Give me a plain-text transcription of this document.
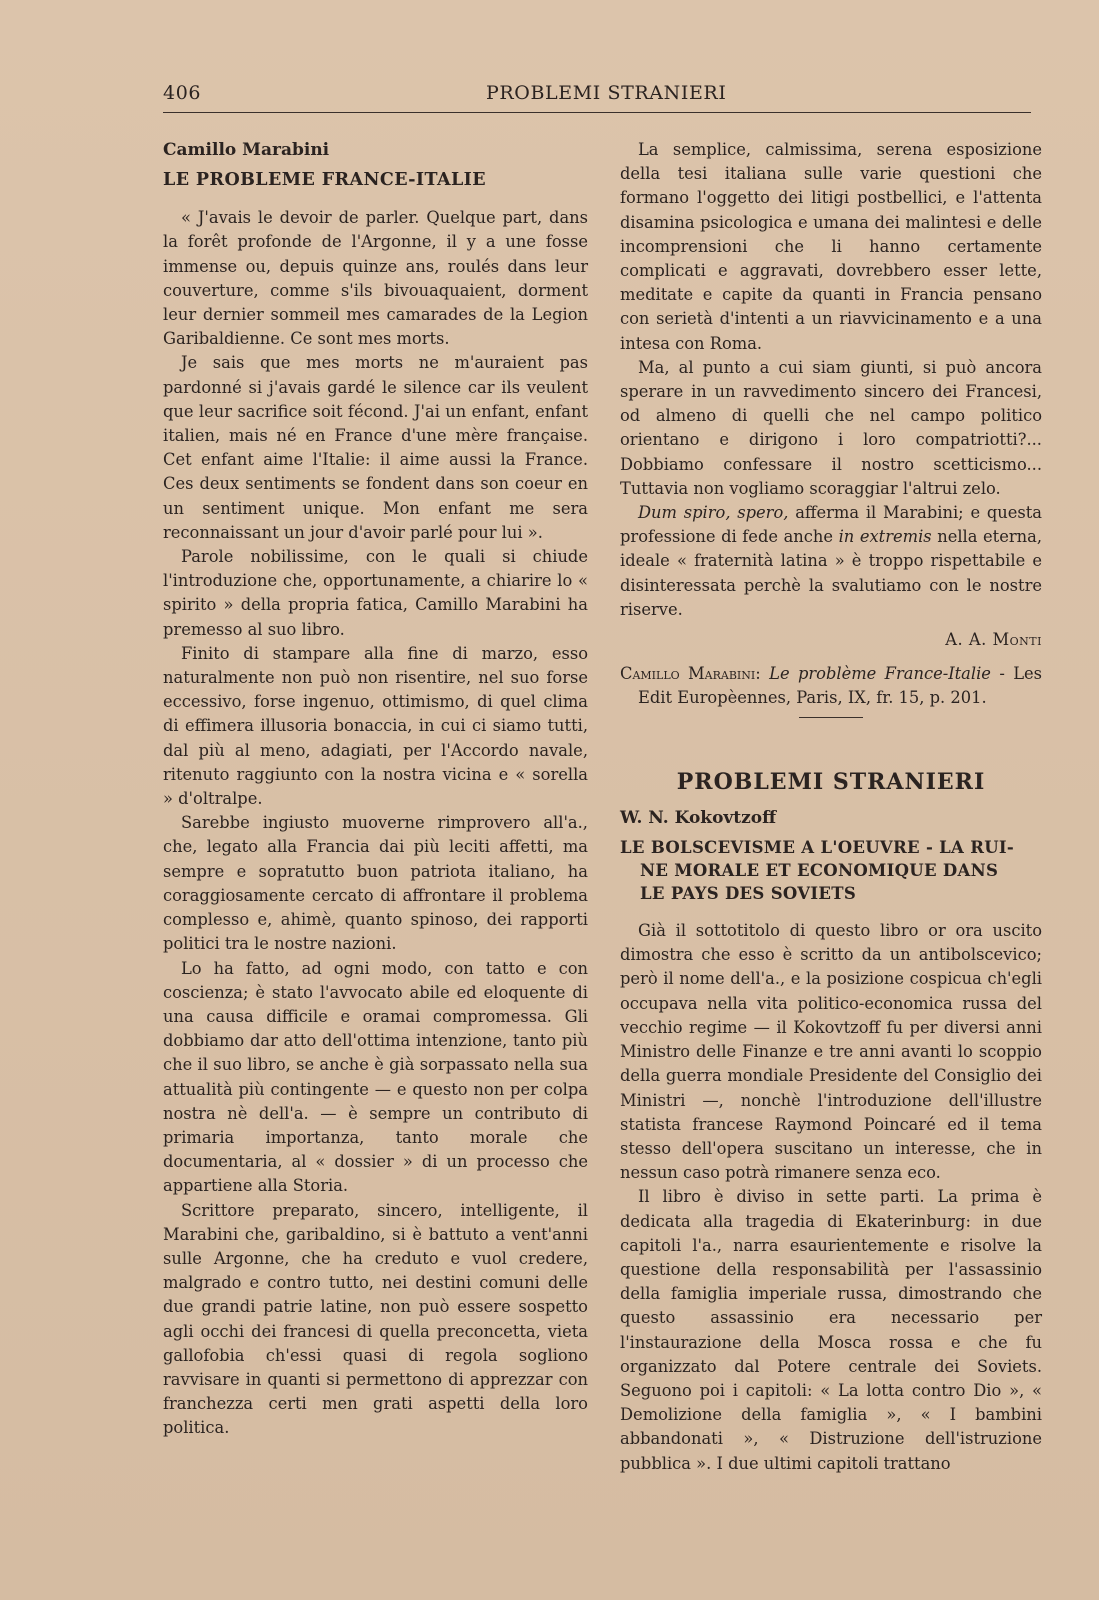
406	PROBLEMI STRANIERI
Camillo Marabini
LE PROBLEME FRANCE-ITALIE

« J'avais le devoir de parler. Quelque part, dans la forêt profonde de l'Argonne, il y a une fosse immense ou, depuis quinze ans, roulés dans leur couverture, comme s'ils bivouaquaient, dorment leur dernier sommeil mes camarades de la Legion Garibaldienne. Ce sont mes morts.

Je sais que mes morts ne m'auraient pas pardonné si j'avais gardé le silence car ils veulent que leur sacrifice soit fécond. J'ai un enfant, enfant italien, mais né en France d'une mère française. Cet enfant aime l'Italie: il aime aussi la France. Ces deux sentiments se fondent dans son coeur en un sentiment unique. Mon enfant me sera reconnaissant un jour d'avoir parlé pour lui ».

Parole nobilissime, con le quali si chiude l'introduzione che, opportunamente, a chiarire lo « spirito » della propria fatica, Camillo Marabini ha premesso al suo libro.

Finito di stampare alla fine di marzo, esso naturalmente non può non risentire, nel suo forse eccessivo, forse ingenuo, ottimismo, di quel clima di effimera illusoria bonaccia, in cui ci siamo tutti, dal più al meno, adagiati, per l'Accordo navale, ritenuto raggiunto con la nostra vicina e « sorella » d'oltralpe.

Sarebbe ingiusto muoverne rimprovero all'a., che, legato alla Francia dai più leciti affetti, ma sempre e sopratutto buon patriota italiano, ha coraggiosamente cercato di affrontare il problema complesso e, ahimè, quanto spinoso, dei rapporti politici tra le nostre nazioni.

Lo ha fatto, ad ogni modo, con tatto e con coscienza; è stato l'avvocato abile ed eloquente di una causa difficile e oramai compromessa. Gli dobbiamo dar atto dell'ottima intenzione, tanto più che il suo libro, se anche è già sorpassato nella sua attualità più contingente — e questo non per colpa nostra nè dell'a. — è sempre un contributo di primaria importanza, tanto morale che documentaria, al « dossier » di un processo che appartiene alla Storia.

Scrittore preparato, sincero, intelligente, il Marabini che, garibaldino, si è battuto a vent'anni sulle Argonne, che ha creduto e vuol credere, malgrado e contro tutto, nei destini comuni delle due grandi patrie latine, non può essere sospetto agli occhi dei francesi di quella preconcetta, vieta gallofobia ch'essi quasi di regola sogliono ravvisare in quanti si permettono di apprezzar con franchezza certi men grati aspetti della loro politica.

La semplice, calmissima, serena esposizione della tesi italiana sulle varie questioni che formano l'oggetto dei litigi postbellici, e l'attenta disamina psicologica e umana dei malintesi e delle incomprensioni che li hanno certamente complicati e aggravati, dovrebbero esser lette, meditate e capite da quanti in Francia pensano con serietà d'intenti a un riavvicinamento e a una intesa con Roma.

Ma, al punto a cui siam giunti, si può ancora sperare in un ravvedimento sincero dei Francesi, od almeno di quelli che nel campo politico orientano e dirigono i loro compatriotti?... Dobbiamo confessare il nostro scetticismo... Tuttavia non vogliamo scoraggiar l'altrui zelo.

Dum spiro, spero, afferma il Marabini; e questa professione di fede anche in extremis nella eterna, ideale « fraternità latina » è troppo rispettabile e disinteressata perchè la svalutiamo con le nostre riserve.

A. A. Monti
Camillo Marabini: Le problème France-Italie - Les Edit Europèennes, Paris, IX, fr. 15, p. 201.
PROBLEMI STRANIERI
W. N. Kokovtzoff
LE BOLSCEVISME A L'OEUVRE - LA RUI-

NE MORALE ET ECONOMIQUE DANS
LE PAYS DES SOVIETS

Già il sottotitolo di questo libro or ora uscito dimostra che esso è scritto da un antibolscevico; però il nome dell'a., e la posizione cospicua ch'egli occupava nella vita politico-economica russa del vecchio regime — il Kokovtzoff fu per diversi anni Ministro delle Finanze e tre anni avanti lo scoppio della guerra mondiale Presidente del Consiglio dei Ministri —, nonchè l'introduzione dell'illustre statista francese Raymond Poincaré ed il tema stesso dell'opera suscitano un interesse, che in nessun caso potrà rimanere senza eco.

Il libro è diviso in sette parti. La prima è dedicata alla tragedia di Ekaterinburg: in due capitoli l'a., narra esaurientemente e risolve la questione della responsabilità per l'assassinio della famiglia imperiale russa, dimostrando che questo assassinio era necessario per l'instaurazione della Mosca rossa e che fu organizzato dal Potere centrale dei Soviets. Seguono poi i capitoli: « La lotta contro Dio », « Demolizione della famiglia », « I bambini abbandonati », « Distruzione dell'istruzione pubblica ». I due ultimi capitoli trattano
